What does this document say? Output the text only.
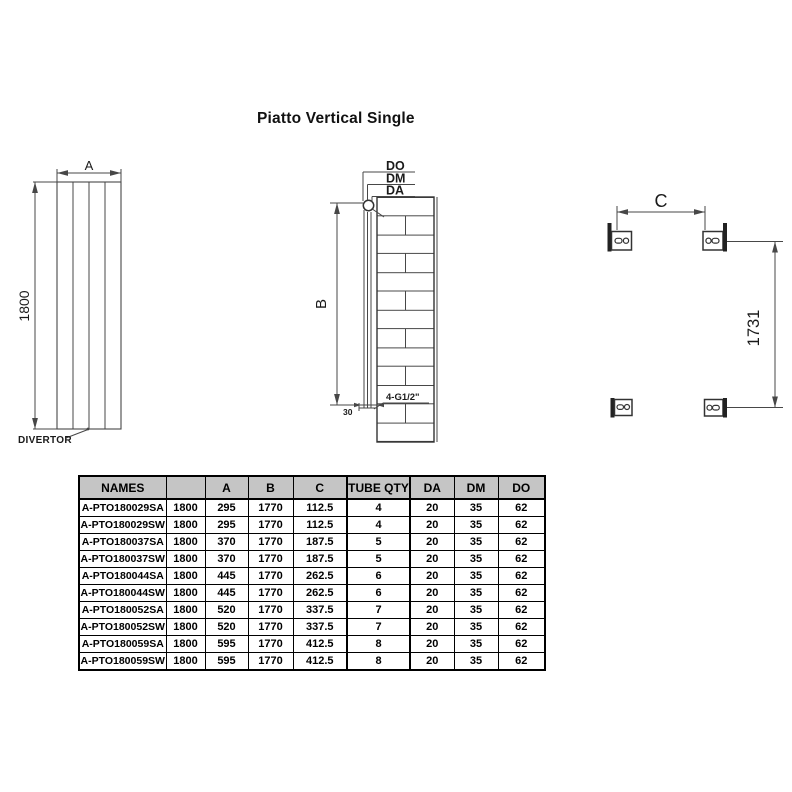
Piatto Vertical Single
A
1800
DIVERTOR
B
DO
DM
DA
4-G1/2"
30
C
1731
NAMES		A	B	C	TUBE QTY	DA	DM	DO
A-PTO180029SA	1800	295	1770	112.5	4	20	35	62
A-PTO180029SW	1800	295	1770	112.5	4	20	35	62
A-PTO180037SA	1800	370	1770	187.5	5	20	35	62
A-PTO180037SW	1800	370	1770	187.5	5	20	35	62
A-PTO180044SA	1800	445	1770	262.5	6	20	35	62
A-PTO180044SW	1800	445	1770	262.5	6	20	35	62
A-PTO180052SA	1800	520	1770	337.5	7	20	35	62
A-PTO180052SW	1800	520	1770	337.5	7	20	35	62
A-PTO180059SA	1800	595	1770	412.5	8	20	35	62
A-PTO180059SW	1800	595	1770	412.5	8	20	35	62
